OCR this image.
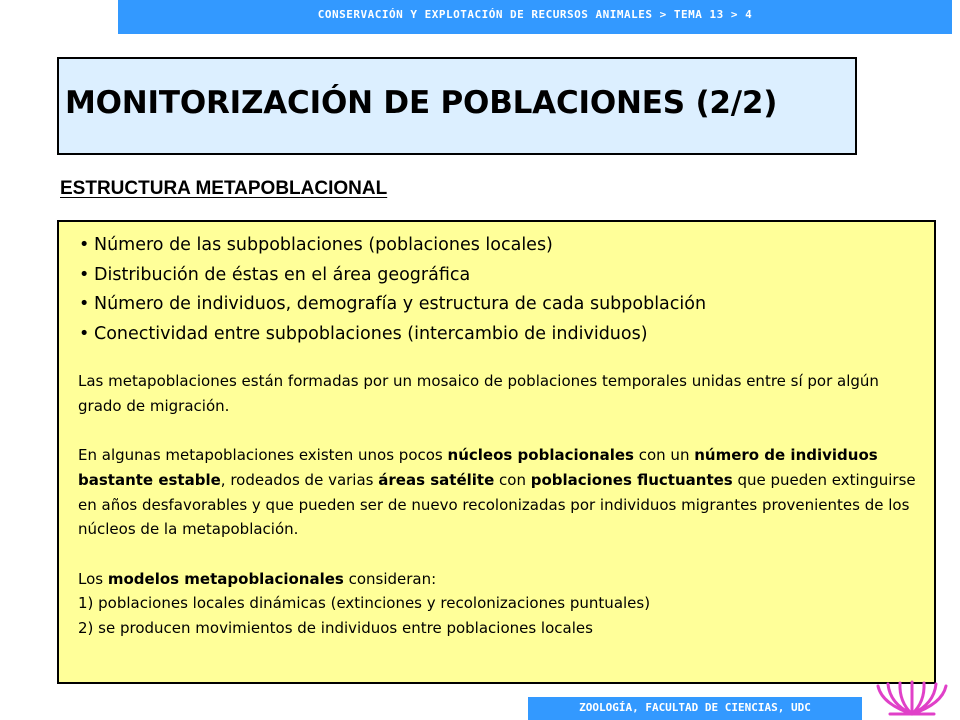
CONSERVACIÓN Y EXPLOTACIÓN DE RECURSOS ANIMALES > TEMA 13 > 4
MONITORIZACIÓN DE POBLACIONES (2/2)
ESTRUCTURA METAPOBLACIONAL
• Número de las subpoblaciones (poblaciones locales)
• Distribución de éstas en el área geográfica
• Número de individuos, demografía y estructura de cada subpoblación
• Conectividad entre subpoblaciones (intercambio de individuos)

Las metapoblaciones están formadas por un mosaico de poblaciones temporales unidas entre sí por algún grado de migración.

En algunas metapoblaciones existen unos pocos núcleos poblacionales con un número de individuos bastante estable, rodeados de varias áreas satélite con poblaciones fluctuantes que pueden extinguirse en años desfavorables y que pueden ser de nuevo recolonizadas por individuos migrantes provenientes de los núcleos de la metapoblación.

Los modelos metapoblacionales consideran:

1) poblaciones locales dinámicas (extinciones y recolonizaciones puntuales)

2) se producen movimientos de individuos entre poblaciones locales

ZOOLOGÍA, FACULTAD DE CIENCIAS, UDC
